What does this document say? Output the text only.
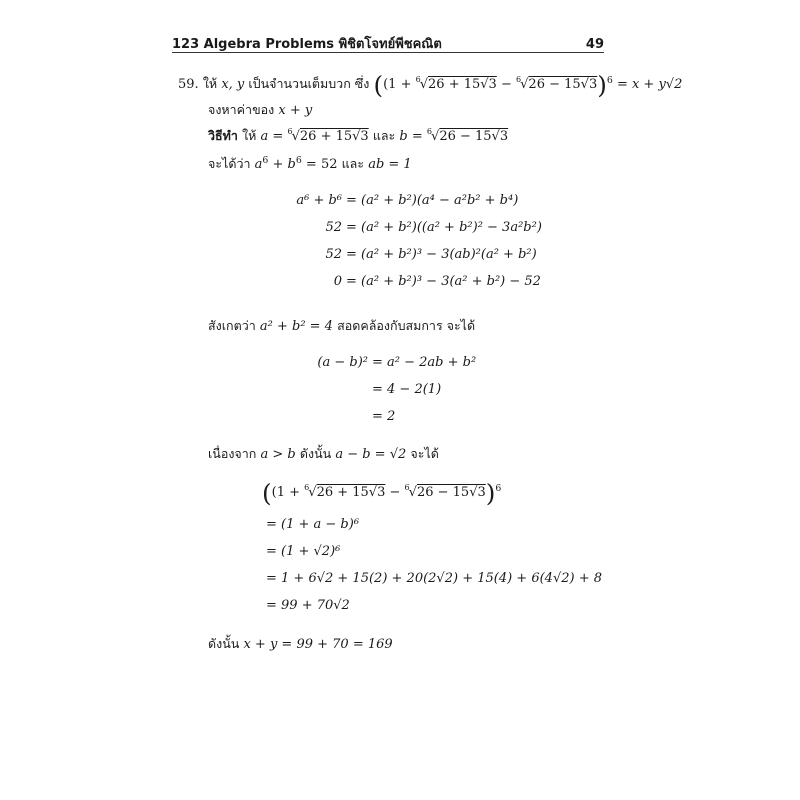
123 Algebra Problems พิชิตโจทย์พีชคณิต	49
59. ให้ x, y เป็นจำนวนเต็มบวก ซึ่ง ($(1 + ^6√26 + 15√3 - ^6√26 - 15√3)^6 = x + y√2$
จงหาค่าของ x + y
วิธีทำ ให้ a = $^6$√26 + 15√3 และ b = $^6$√26 − 15√3
จะได้ว่า $a^6 + b^6 = 52$ และ ab = 1
a⁶ + b⁶ = (a² + b²)(a⁴ − a²b² + b⁴)
52 = (a² + b²)((a² + b²)² − 3a²b²)
52 = (a² + b²)³ − 3(ab)²(a² + b²)
0 = (a² + b²)³ − 3(a² + b²) − 52
สังเกตว่า a² + b² = 4 สอดคล้องกับสมการ จะได้
(a − b)² = a² − 2ab + b²
= 4 − 2(1)
= 2
เนื่องจาก a > b ดังนั้น a − b = √2 จะได้
($(1 + ^6√26 + 15√3 - ^6√26 - 15√3)^6$
= (1 + a − b)⁶
= (1 + √2)⁶
= 1 + 6√2 + 15(2) + 20(2√2) + 15(4) + 6(4√2) + 8
= 99 + 70√2
ดังนั้น x + y = 99 + 70 = 169
